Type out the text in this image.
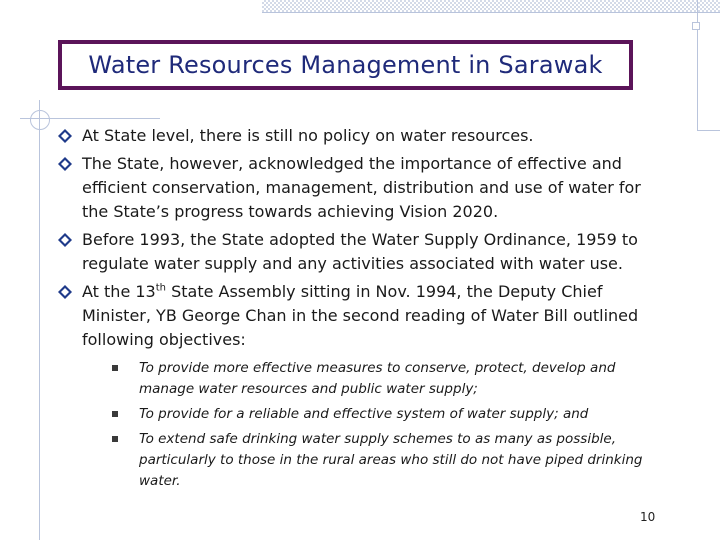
Water Resources Management in Sarawak
At State level, there is still no policy on water resources.
The State, however, acknowledged the importance of effective and efficient conservation, management, distribution and use of water for the State’s progress towards achieving Vision 2020.
Before 1993, the State adopted the Water Supply Ordinance, 1959 to regulate water supply and any activities associated with water use.
At the 13th State Assembly sitting in Nov. 1994, the Deputy Chief Minister, YB George Chan in the second reading of Water Bill outlined following objectives:
To provide more effective measures to conserve, protect, develop and manage water resources and public water supply;
To provide for a reliable and effective system of water supply; and
To extend safe drinking water supply schemes to as many as possible, particularly to those in the rural areas who still do not have piped drinking water.
10
